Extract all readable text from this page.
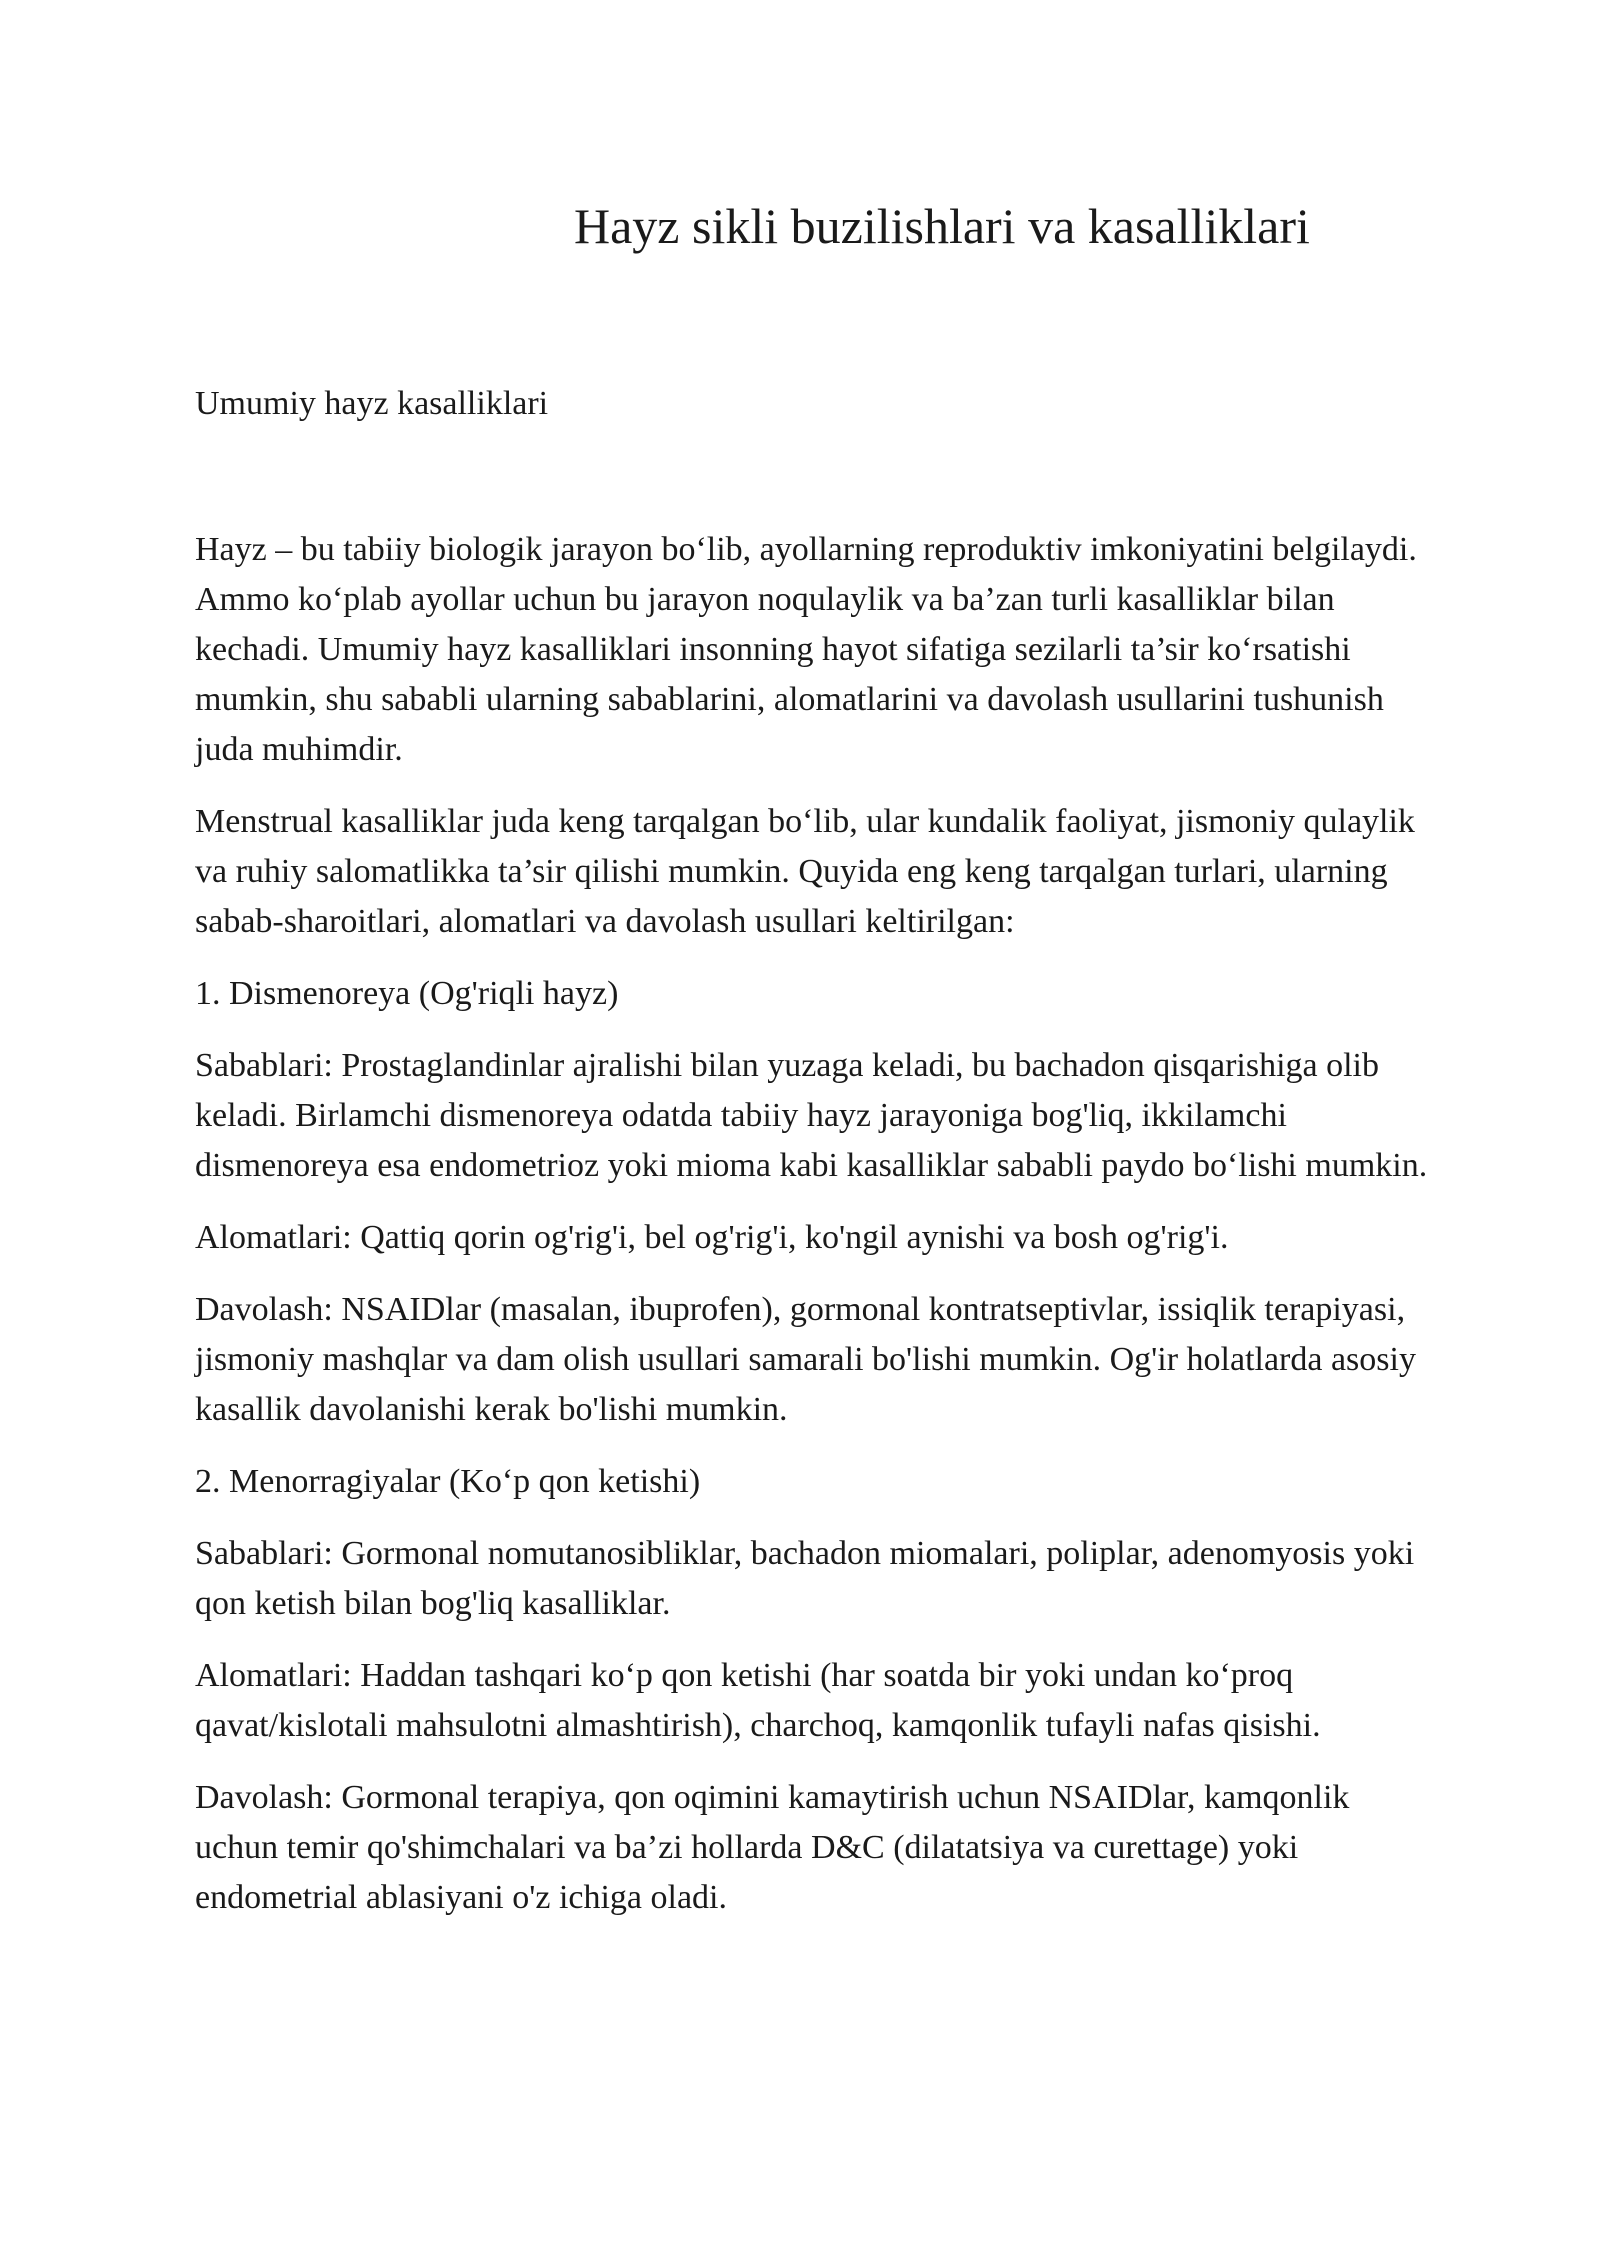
Hayz sikli buzilishlari va kasalliklari
Umumiy hayz kasalliklari

Hayz – bu tabiiy biologik jarayon bo‘lib, ayollarning reproduktiv imkoniyatini belgilaydi. Ammo ko‘plab ayollar uchun bu jarayon noqulaylik va ba’zan turli kasalliklar bilan kechadi. Umumiy hayz kasalliklari insonning hayot sifatiga sezilarli ta’sir ko‘rsatishi mumkin, shu sababli ularning sabablarini, alomatlarini va davolash usullarini tushunish juda muhimdir.

Menstrual kasalliklar juda keng tarqalgan bo‘lib, ular kundalik faoliyat, jismoniy qulaylik va ruhiy salomatlikka ta’sir qilishi mumkin. Quyida eng keng tarqalgan turlari, ularning sabab-sharoitlari, alomatlari va davolash usullari keltirilgan:

1. Dismenoreya (Og'riqli hayz)

Sabablari: Prostaglandinlar ajralishi bilan yuzaga keladi, bu bachadon qisqarishiga olib keladi. Birlamchi dismenoreya odatda tabiiy hayz jarayoniga bog'liq, ikkilamchi dismenoreya esa endometrioz yoki mioma kabi kasalliklar sababli paydo bo‘lishi mumkin.

Alomatlari: Qattiq qorin og'rig'i, bel og'rig'i, ko'ngil aynishi va bosh og'rig'i.

Davolash: NSAIDlar (masalan, ibuprofen), gormonal kontratseptivlar, issiqlik terapiyasi, jismoniy mashqlar va dam olish usullari samarali bo'lishi mumkin. Og'ir holatlarda asosiy kasallik davolanishi kerak bo'lishi mumkin.

2. Menorragiyalar (Ko‘p qon ketishi)

Sabablari: Gormonal nomutanosibliklar, bachadon miomalari, poliplar, adenomyosis yoki qon ketish bilan bog'liq kasalliklar.

Alomatlari: Haddan tashqari ko‘p qon ketishi (har soatda bir yoki undan ko‘proq qavat/kislotali mahsulotni almashtirish), charchoq, kamqonlik tufayli nafas qisishi.

Davolash: Gormonal terapiya, qon oqimini kamaytirish uchun NSAIDlar, kamqonlik uchun temir qo'shimchalari va ba’zi hollarda D&C (dilatatsiya va curettage) yoki endometrial ablasiyani o'z ichiga oladi.
